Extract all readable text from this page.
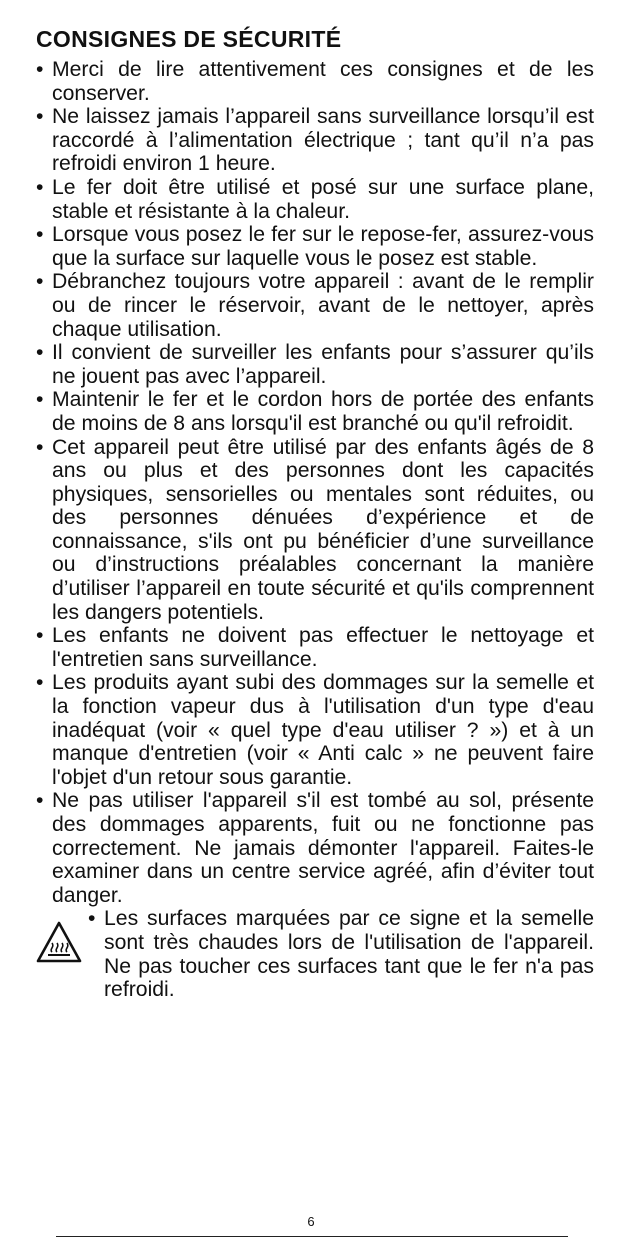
CONSIGNES DE SÉCURITÉ
• Merci de lire attentivement ces consignes et de les conserver.
• Ne laissez jamais l’appareil sans surveillance lorsqu’il est raccordé à l’alimentation électrique ; tant qu’il n’a pas refroidi environ 1 heure.
• Le fer doit être utilisé et posé sur une surface plane, stable et résistante à la chaleur.
• Lorsque vous posez le fer sur le repose-fer, assurez-vous que la surface sur laquelle vous le posez est stable.
• Débranchez toujours votre appareil : avant de le remplir ou de rincer le réservoir, avant de le nettoyer, après chaque utilisation.
• Il convient de surveiller les enfants pour s’assurer qu’ils ne jouent pas avec l’appareil.
• Maintenir le fer et le cordon hors de portée des enfants de moins de 8 ans lorsqu'il est branché ou qu'il refroidit.
• Cet appareil peut être utilisé par des enfants âgés de 8 ans ou plus et des personnes dont les capacités physiques, sensorielles ou mentales sont réduites, ou des personnes dénuées d’expérience et de connaissance, s'ils ont pu bénéficier d’une surveillance ou d’instructions préalables concernant la manière d’utiliser l’appareil en toute sécurité et qu'ils comprennent les dangers potentiels.
• Les enfants ne doivent pas effectuer le nettoyage et l'entretien sans surveillance.
• Les produits ayant subi des dommages sur la semelle et la fonction vapeur dus à l'utilisation d'un type d'eau inadéquat (voir « quel type d'eau utiliser ? ») et à un manque d'entretien (voir « Anti calc » ne peuvent faire l'objet d'un retour sous garantie.
• Ne pas utiliser l'appareil s'il est tombé au sol, présente des dommages apparents, fuit ou ne fonctionne pas correctement. Ne jamais démonter l'appareil. Faites-le examiner dans un centre service agréé, afin d’éviter tout danger.
• Les surfaces marquées par ce signe et la semelle sont très chaudes lors de l'utilisation de l'appareil. Ne pas toucher ces surfaces tant que le fer n'a pas refroidi.
6
